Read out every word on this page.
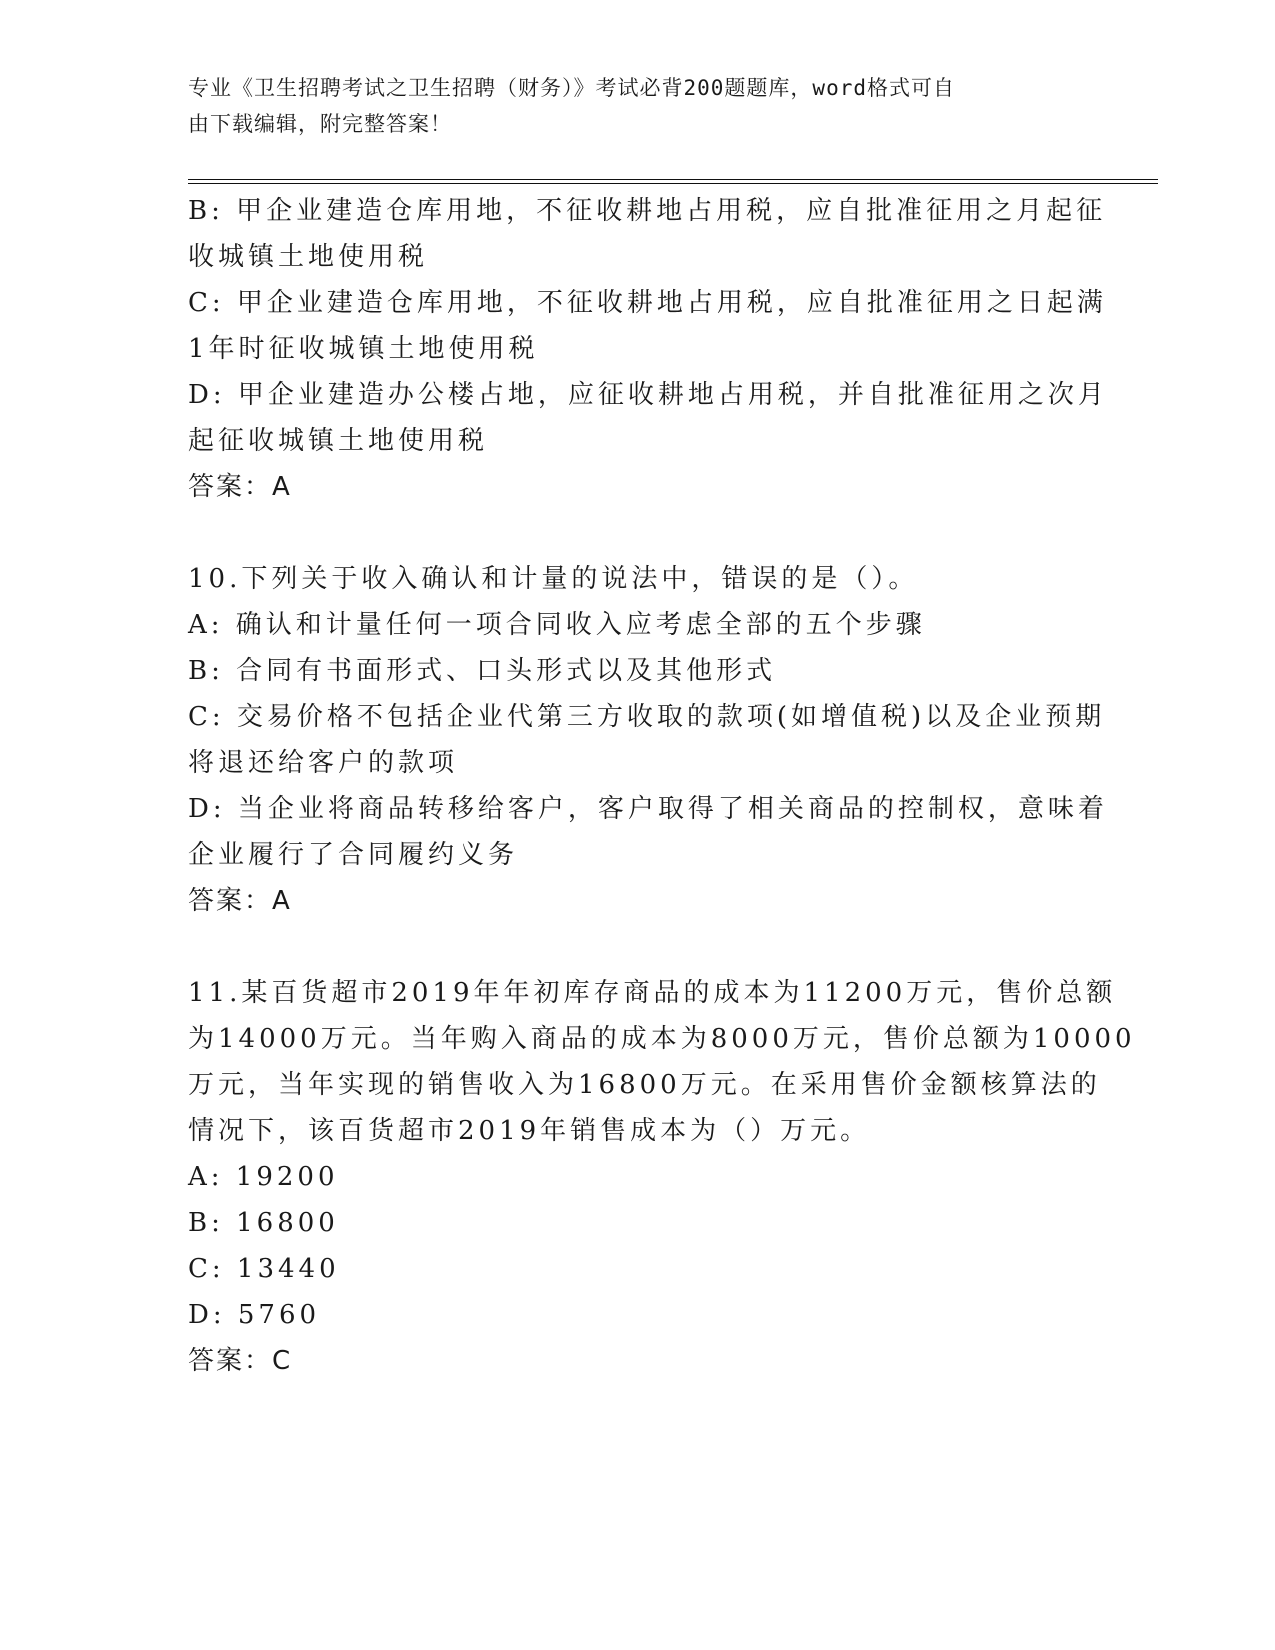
专业《卫生招聘考试之卫生招聘（财务）》考试必背200题题库，word格式可自
由下载编辑，附完整答案！
B: 甲企业建造仓库用地，不征收耕地占用税，应自批准征用之月起征
收城镇土地使用税
C: 甲企业建造仓库用地，不征收耕地占用税，应自批准征用之日起满
1年时征收城镇土地使用税
D: 甲企业建造办公楼占地，应征收耕地占用税，并自批准征用之次月
起征收城镇土地使用税
答案：A
10.下列关于收入确认和计量的说法中，错误的是（）。
A: 确认和计量任何一项合同收入应考虑全部的五个步骤
B: 合同有书面形式、口头形式以及其他形式
C: 交易价格不包括企业代第三方收取的款项(如增值税)以及企业预期
将退还给客户的款项
D: 当企业将商品转移给客户，客户取得了相关商品的控制权，意味着
企业履行了合同履约义务
答案：A
11.某百货超市2019年年初库存商品的成本为11200万元，售价总额
为14000万元。当年购入商品的成本为8000万元，售价总额为10000
万元，当年实现的销售收入为16800万元。在采用售价金额核算法的
情况下，该百货超市2019年销售成本为（）万元。
A: 19200
B: 16800
C: 13440
D: 5760
答案：C
